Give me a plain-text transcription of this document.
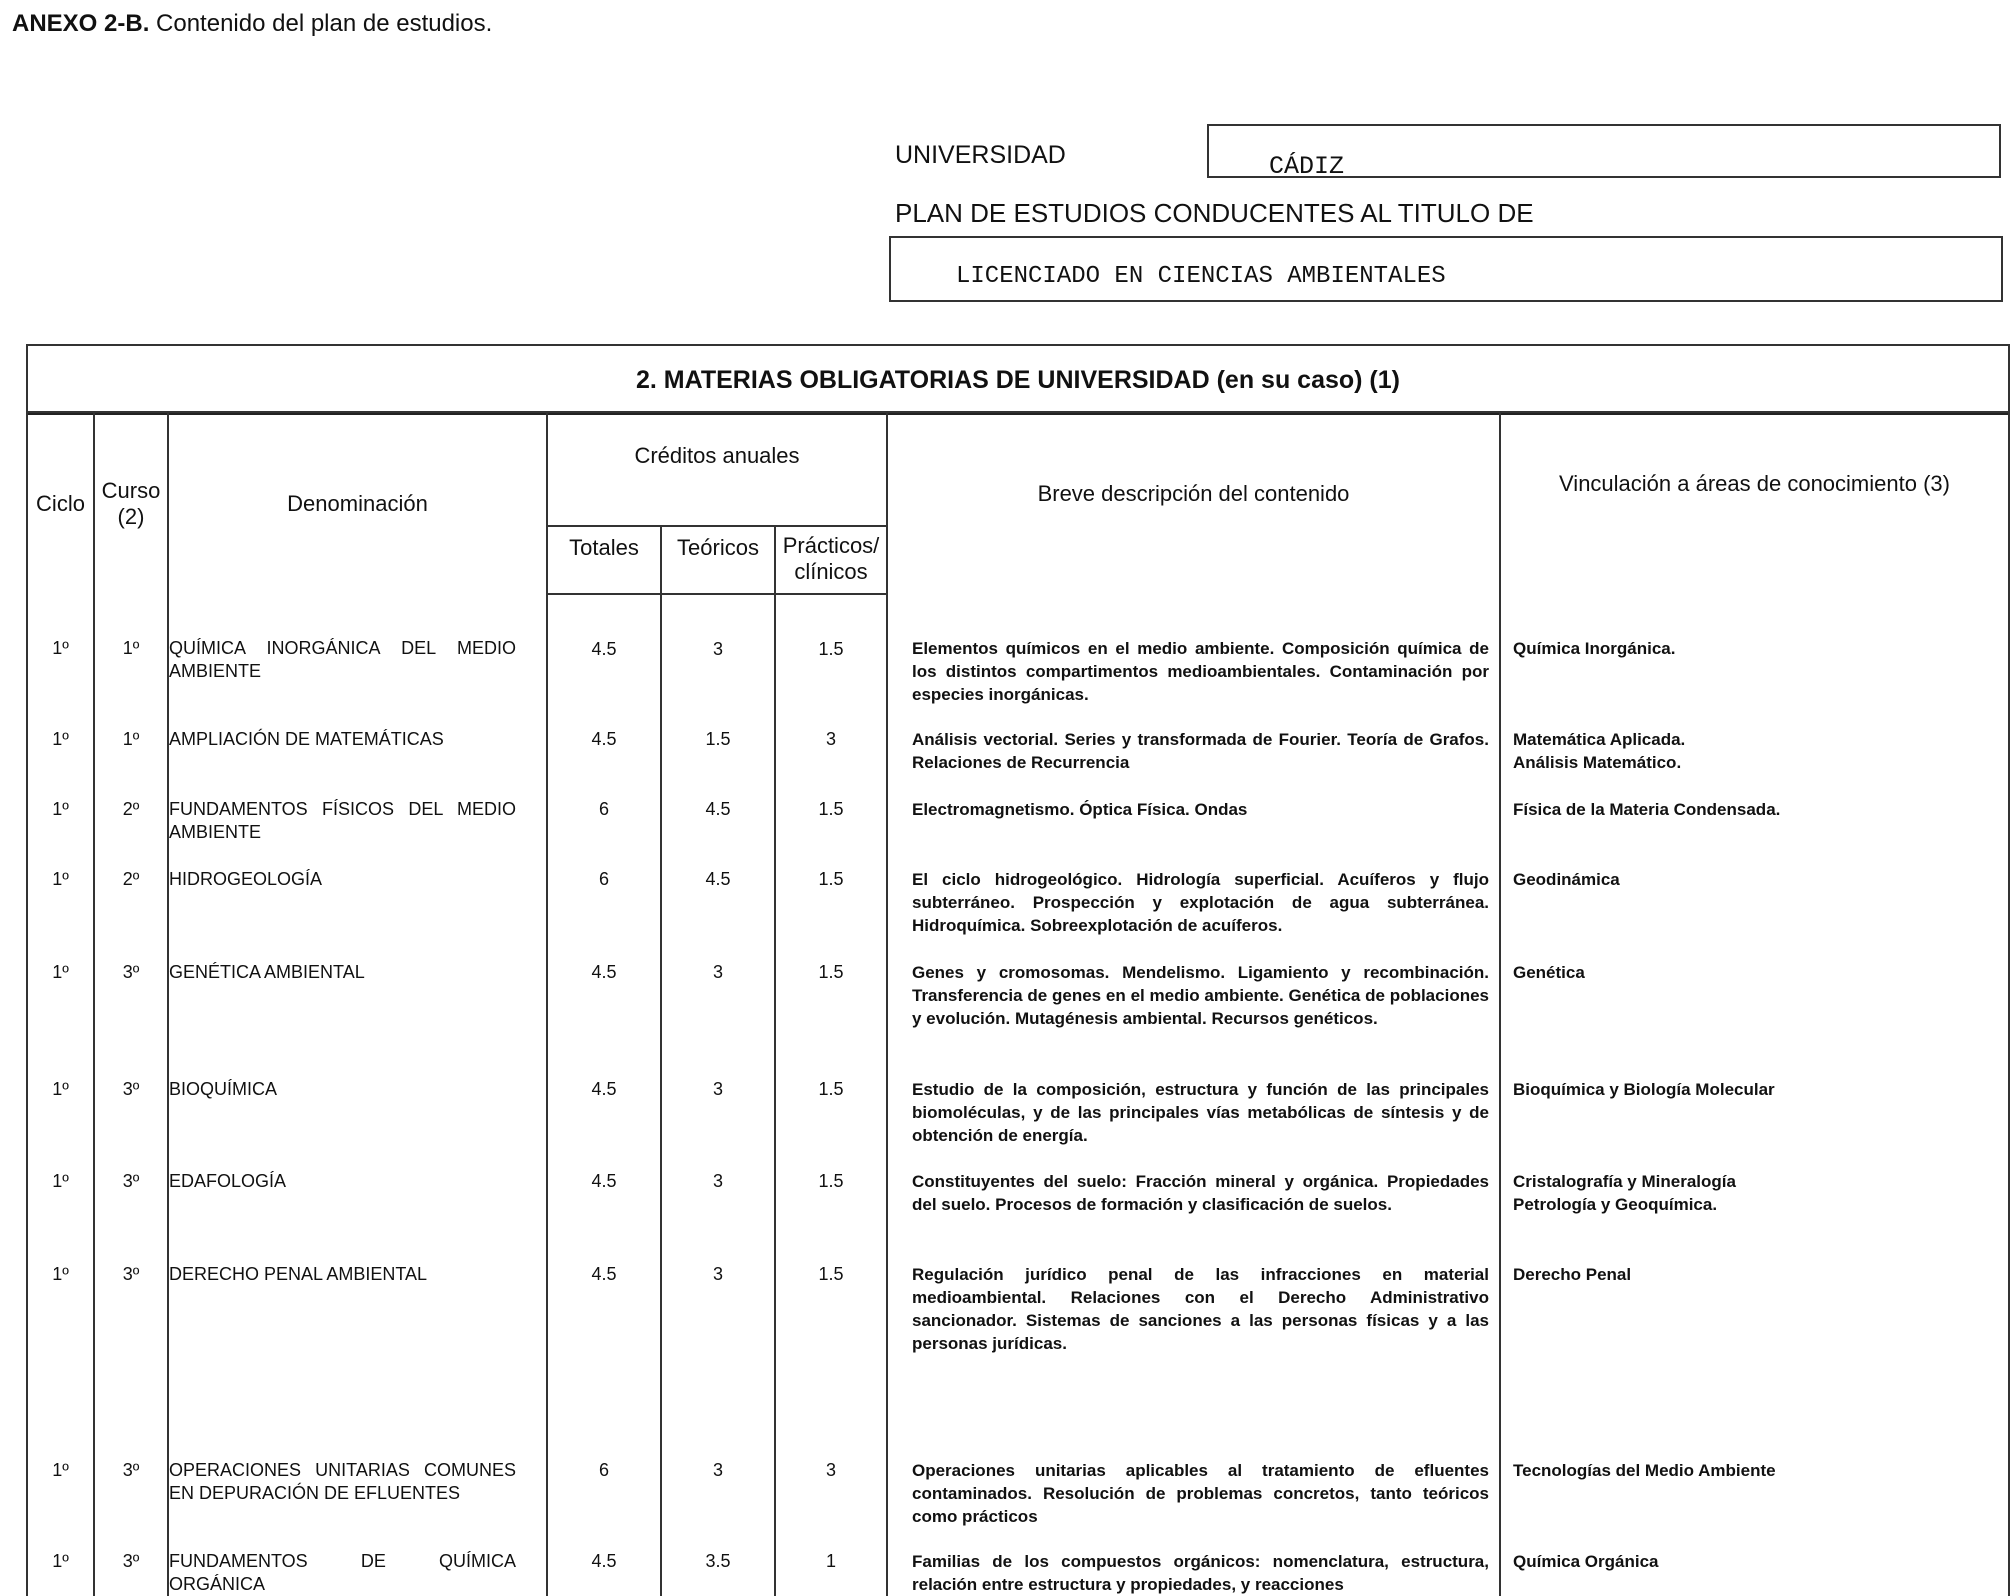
ANEXO 2-B. Contenido del plan de estudios.
UNIVERSIDAD	CÁDIZ
PLAN DE ESTUDIOS CONDUCENTES AL TITULO DE
LICENCIADO EN CIENCIAS AMBIENTALES
2. MATERIAS OBLIGATORIAS DE UNIVERSIDAD (en su caso) (1)
Ciclo	Curso (2)	Denominación	Créditos anuales			Breve descripción del contenido	Vinculación a áreas de conocimiento (3)
			Totales	Teóricos	Prácticos/ clínicos		
1º	1º	QUÍMICA INORGÁNICA DEL MEDIO AMBIENTE	4.5	3	1.5	Elementos químicos en el medio ambiente. Composición química de los distintos compartimentos medioambientales. Contaminación por especies inorgánicas.	Química Inorgánica.
1º	1º	AMPLIACIÓN DE MATEMÁTICAS	4.5	1.5	3	Análisis vectorial. Series y transformada de Fourier. Teoría de Grafos. Relaciones de Recurrencia	Matemática Aplicada.
Análisis Matemático.
1º	2º	FUNDAMENTOS FÍSICOS DEL MEDIO AMBIENTE	6	4.5	1.5	Electromagnetismo. Óptica Física. Ondas	Física de la Materia Condensada.
1º	2º	HIDROGEOLOGÍA	6	4.5	1.5	El ciclo hidrogeológico. Hidrología superficial. Acuíferos y flujo subterráneo. Prospección y explotación de agua subterránea. Hidroquímica. Sobreexplotación de acuíferos.	Geodinámica
1º	3º	GENÉTICA AMBIENTAL	4.5	3	1.5	Genes y cromosomas. Mendelismo. Ligamiento y recombinación. Transferencia de genes en el medio ambiente. Genética de poblaciones y evolución. Mutagénesis ambiental. Recursos genéticos.	Genética
1º	3º	BIOQUÍMICA	4.5	3	1.5	Estudio de la composición, estructura y función de las principales biomoléculas, y de las principales vías metabólicas de síntesis y de obtención de energía.	Bioquímica y Biología Molecular
1º	3º	EDAFOLOGÍA	4.5	3	1.5	Constituyentes del suelo: Fracción mineral y orgánica. Propiedades del suelo. Procesos de formación y clasificación de suelos.	Cristalografía y Mineralogía
Petrología y Geoquímica.
1º	3º	DERECHO PENAL AMBIENTAL	4.5	3	1.5	Regulación jurídico penal de las infracciones en material medioambiental. Relaciones con el Derecho Administrativo sancionador. Sistemas de sanciones a las personas físicas y a las personas jurídicas.	Derecho Penal
1º	3º	OPERACIONES UNITARIAS COMUNES EN DEPURACIÓN DE EFLUENTES	6	3	3	Operaciones unitarias aplicables al tratamiento de efluentes contaminados. Resolución de problemas concretos, tanto teóricos como prácticos	Tecnologías del Medio Ambiente
1º	3º	FUNDAMENTOS DE QUÍMICA ORGÁNICA	4.5	3.5	1	Familias de los compuestos orgánicos: nomenclatura, estructura, relación entre estructura y propiedades, y reacciones	Química Orgánica
